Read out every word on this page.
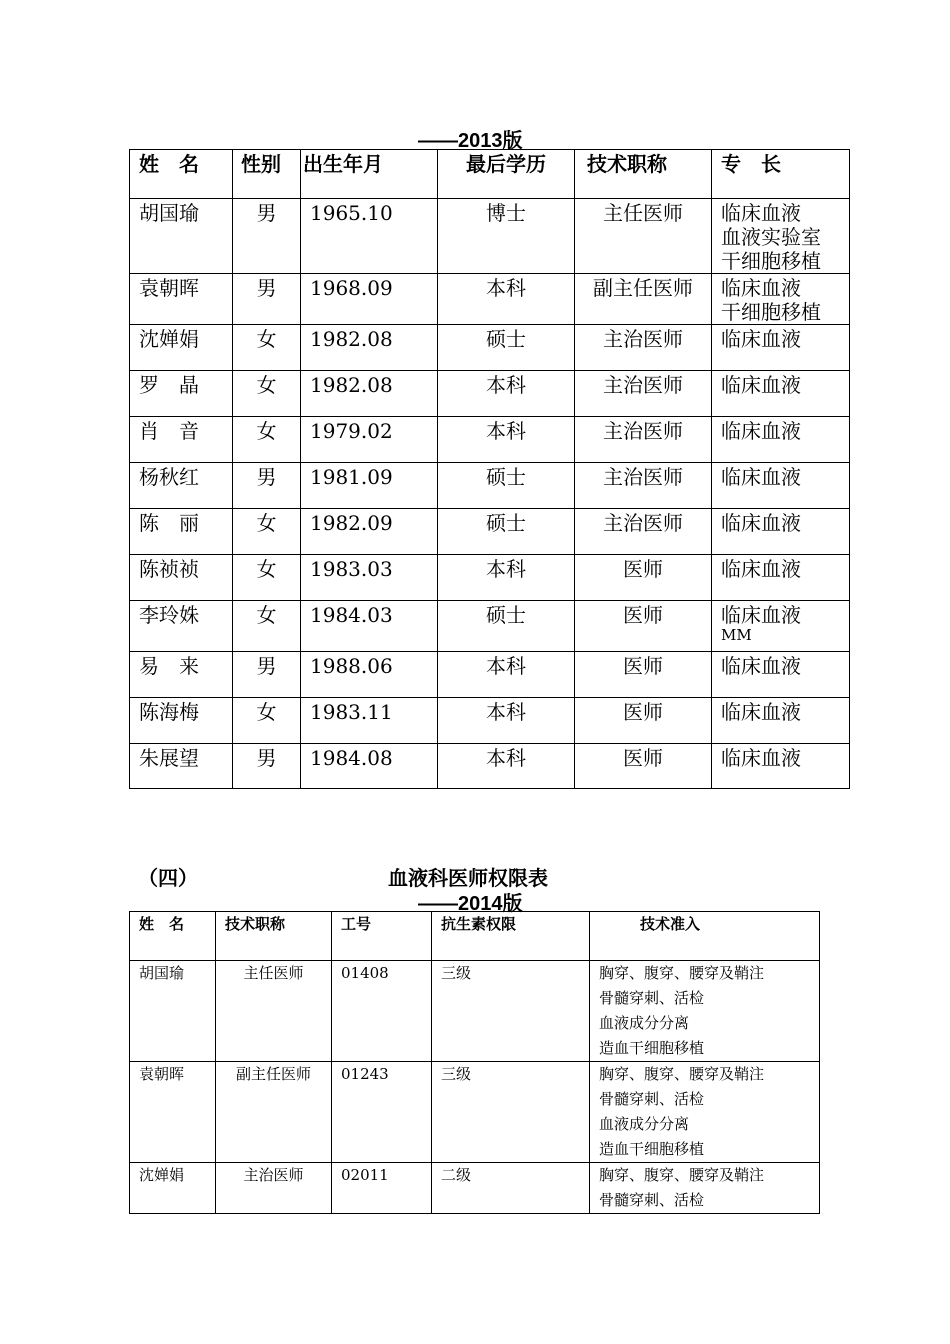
——2013版
姓　名	性别	出生年月	最后学历	技术职称	专　长
胡国瑜	男	1965.10	博士	主任医师	临床血液
血液实验室
干细胞移植

袁朝晖	男	1968.09	本科	副主任医师	临床血液
干细胞移植

沈婵娟	女	1982.08	硕士	主治医师	临床血液

罗　晶	女	1982.08	本科	主治医师	临床血液

肖　音	女	1979.02	本科	主治医师	临床血液

杨秋红	男	1981.09	硕士	主治医师	临床血液

陈　丽	女	1982.09	硕士	主治医师	临床血液

陈祯祯	女	1983.03	本科	医师	临床血液

李玲姝	女	1984.03	硕士	医师	临床血液
MM

易　来	男	1988.06	本科	医师	临床血液

陈海梅	女	1983.11	本科	医师	临床血液

朱展望	男	1984.08	本科	医师	临床血液
（四）	血液科医师权限表
——2014版
姓　名	技术职称	工号	抗生素权限	技术准入
胡国瑜	主任医师	01408	三级	胸穿、腹穿、腰穿及鞘注
骨髓穿刺、活检
血液成分分离
造血干细胞移植

袁朝晖	副主任医师	01243	三级	胸穿、腹穿、腰穿及鞘注
骨髓穿刺、活检
血液成分分离
造血干细胞移植

沈婵娟	主治医师	02011	二级	胸穿、腹穿、腰穿及鞘注
骨髓穿刺、活检
